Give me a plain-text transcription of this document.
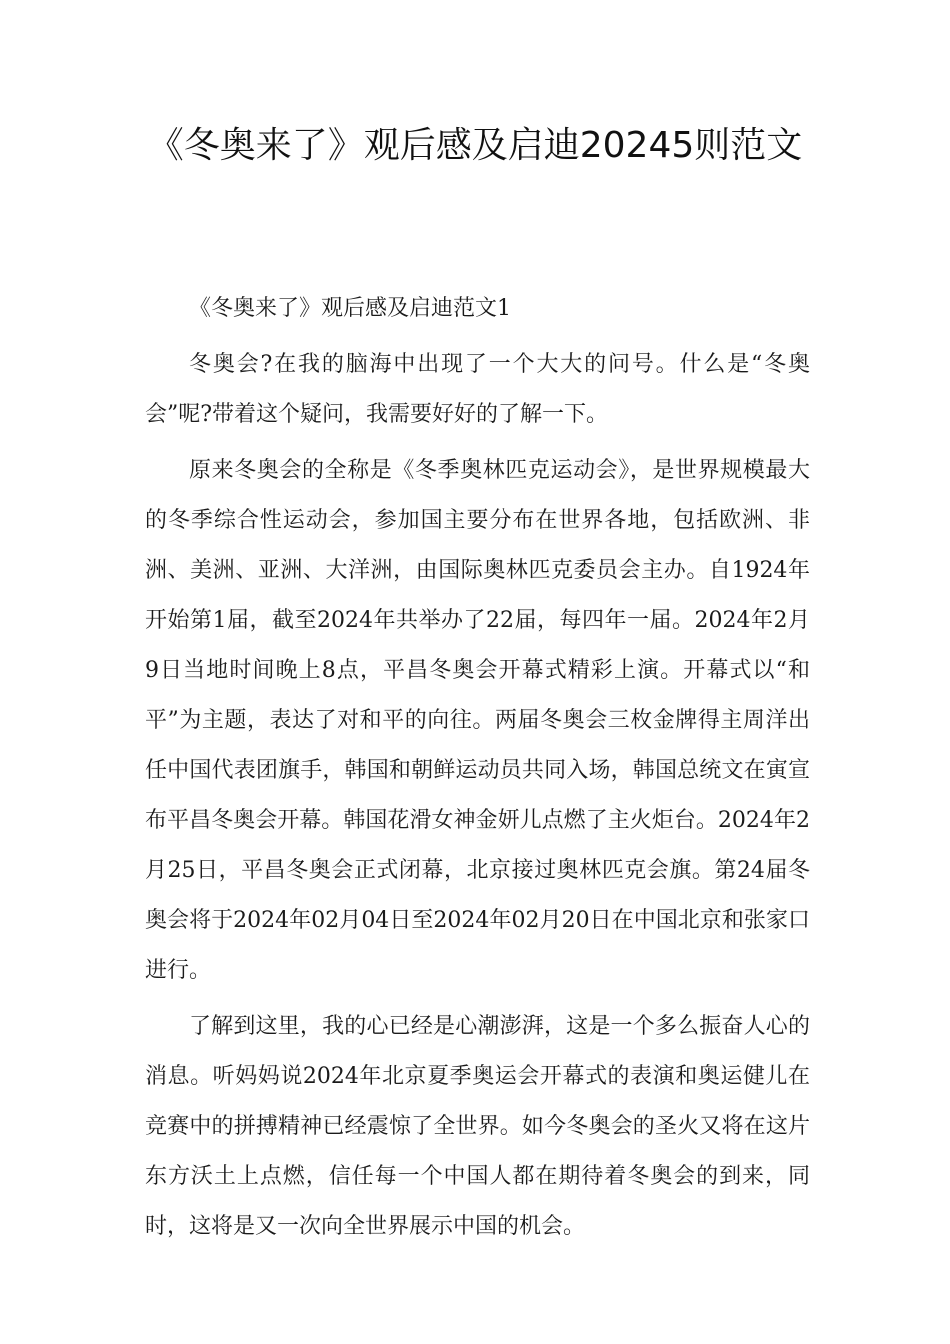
《冬奥来了》观后感及启迪20245则范文

《冬奥来了》观后感及启迪范文1

冬奥会?在我的脑海中出现了一个大大的问号。什么是“冬奥会”呢?带着这个疑问，我需要好好的了解一下。

原来冬奥会的全称是《冬季奥林匹克运动会》，是世界规模最大的冬季综合性运动会，参加国主要分布在世界各地，包括欧洲、非洲、美洲、亚洲、大洋洲，由国际奥林匹克委员会主办。自1924年开始第1届，截至2024年共举办了22届，每四年一届。2024年2月9日当地时间晚上8点，平昌冬奥会开幕式精彩上演。开幕式以“和平”为主题，表达了对和平的向往。两届冬奥会三枚金牌得主周洋出任中国代表团旗手，韩国和朝鲜运动员共同入场，韩国总统文在寅宣布平昌冬奥会开幕。韩国花滑女神金妍儿点燃了主火炬台。2024年2月25日，平昌冬奥会正式闭幕，北京接过奥林匹克会旗。第24届冬奥会将于2024年02月04日至2024年02月20日在中国北京和张家口进行。

了解到这里，我的心已经是心潮澎湃，这是一个多么振奋人心的消息。听妈妈说2024年北京夏季奥运会开幕式的表演和奥运健儿在竞赛中的拼搏精神已经震惊了全世界。如今冬奥会的圣火又将在这片东方沃土上点燃，信任每一个中国人都在期待着冬奥会的到来，同时，这将是又一次向全世界展示中国的机会。
